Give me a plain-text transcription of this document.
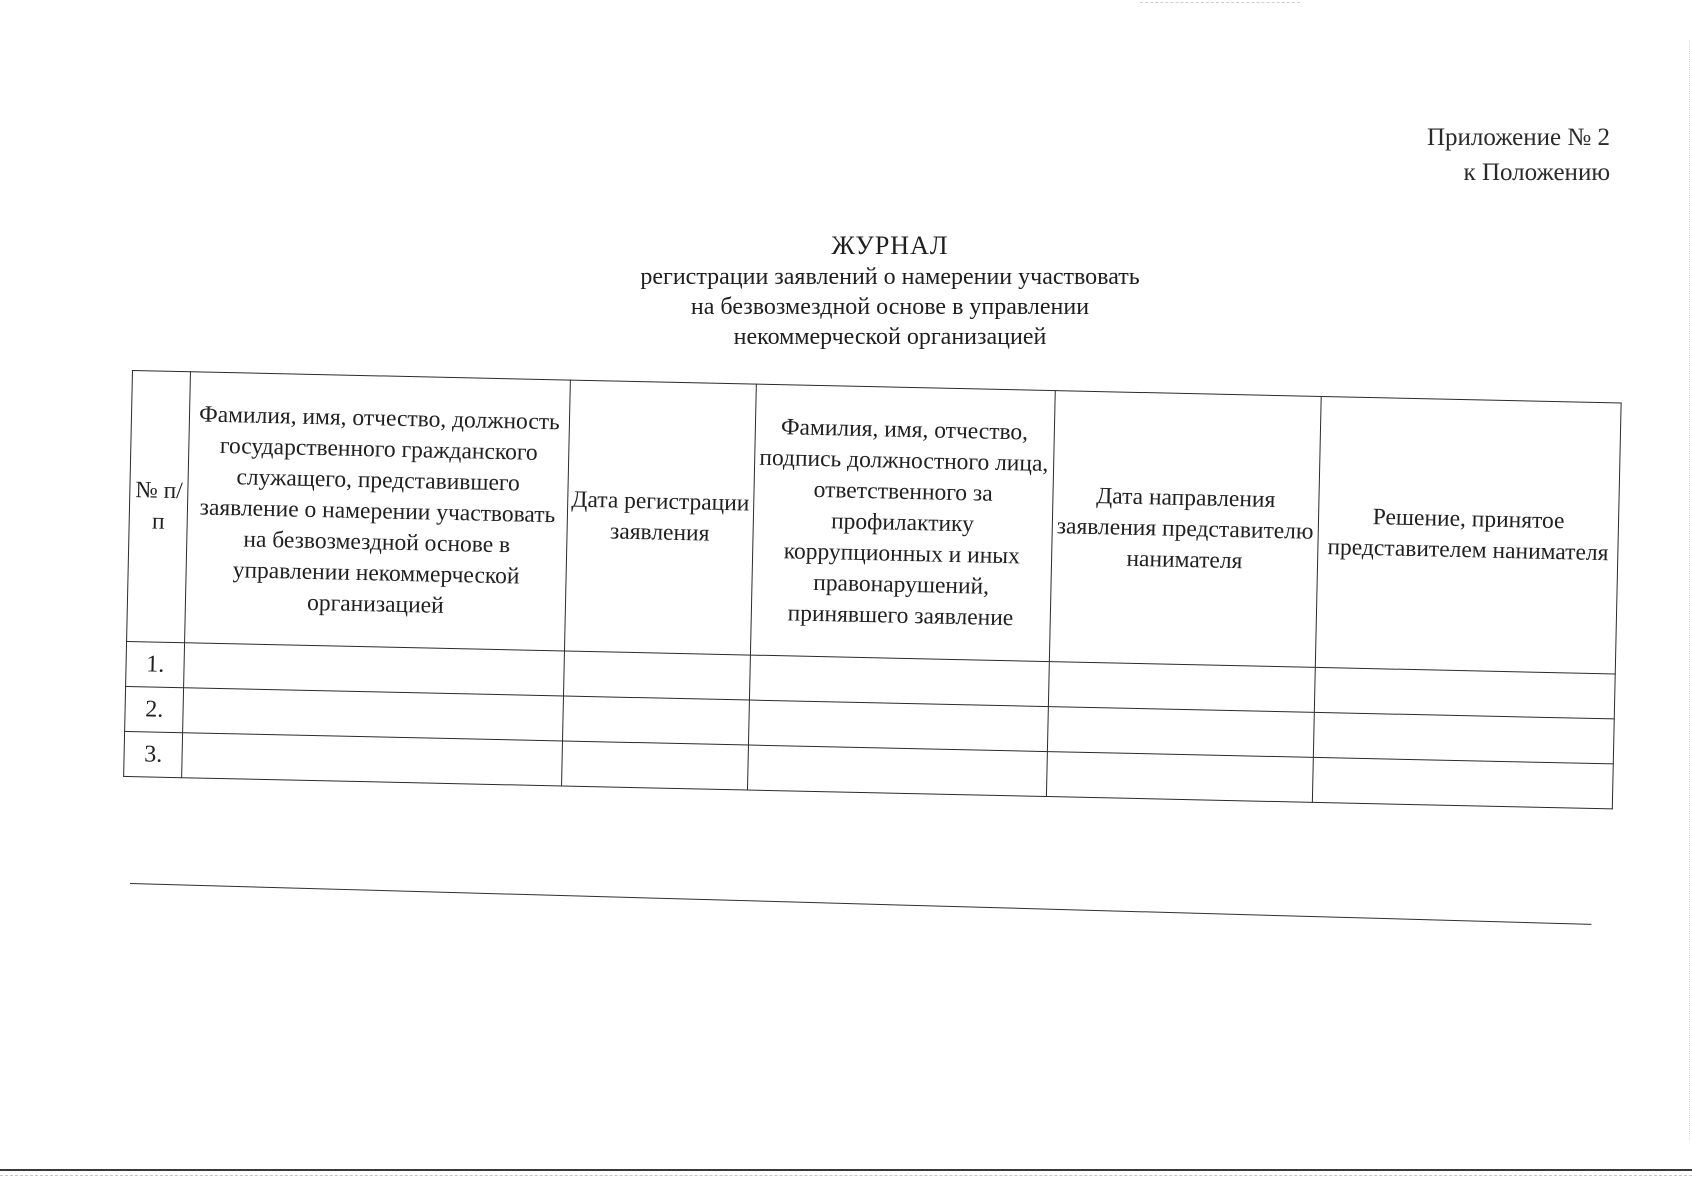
Приложение № 2
к Положению
ЖУРНАЛ
регистрации заявлений о намерении участвовать
на безвозмездной основе в управлении
некоммерческой организацией
№ п/п	Фамилия, имя, отчество, должность государственного гражданского служащего, представившего заявление о намерении участвовать на безвозмездной основе в управлении некоммерческой организацией	Дата регистрации заявления	Фамилия, имя, отчество, подпись должностного лица, ответственного за профилактику коррупционных и иных правонарушений, принявшего заявление	Дата направления заявления представителю нанимателя	Решение, принятое представителем нанимателя
1.					
2.					
3.					
